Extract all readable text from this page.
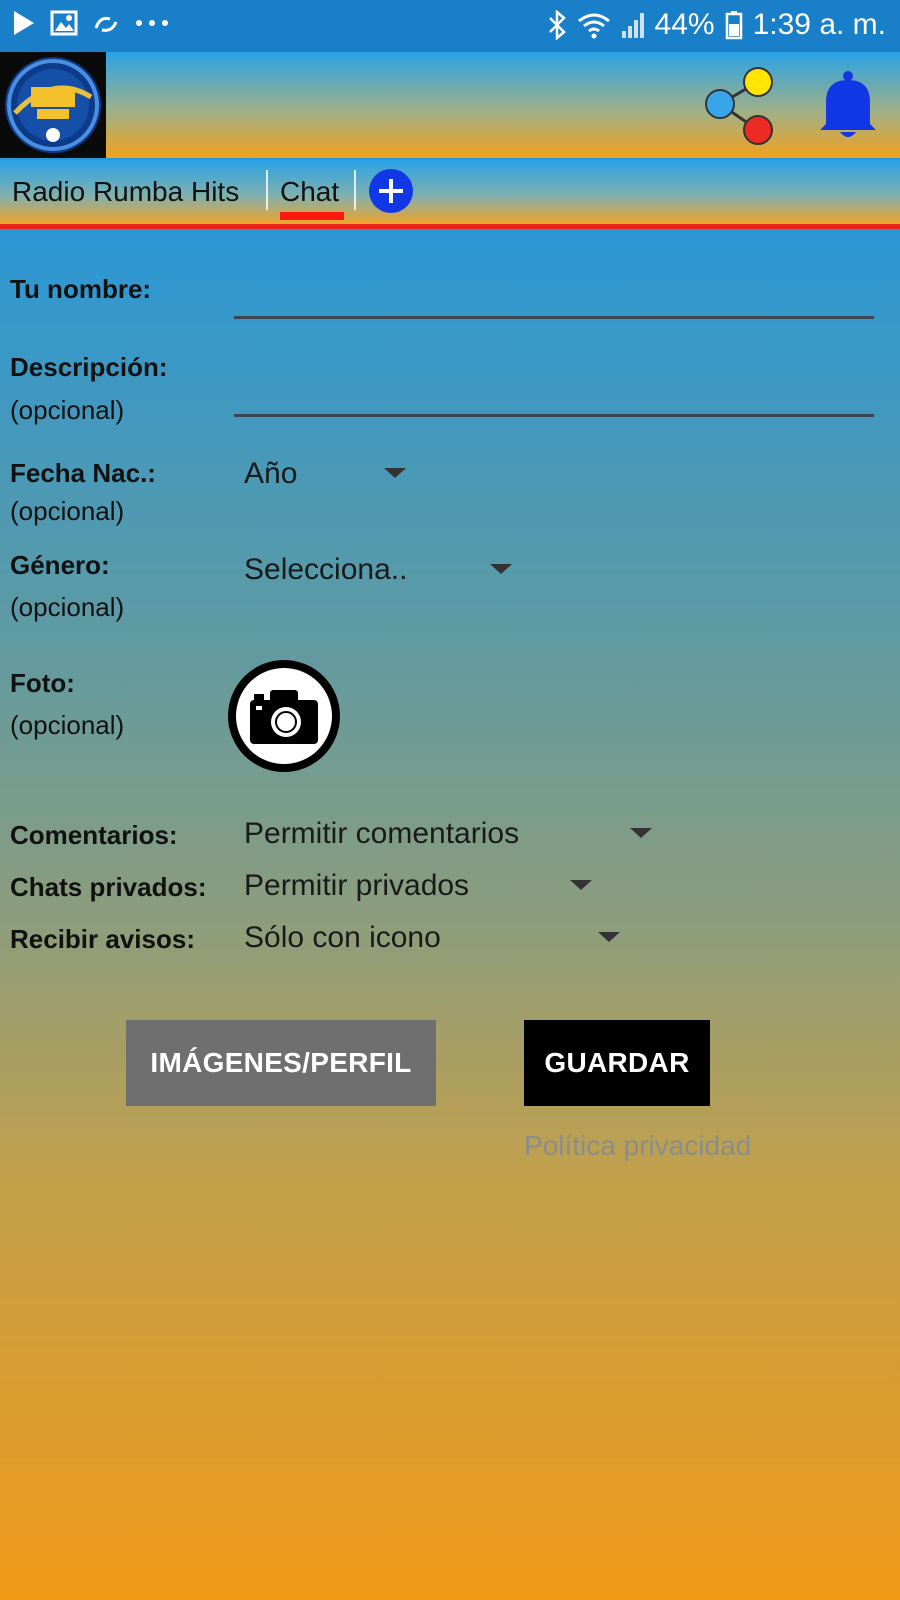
44% 1:39 a. m.
Radio Rumba Hits Chat
Tu nombre:
Descripción:
(opcional)
Fecha Nac.:
(opcional)
Año
Género:
(opcional)
Selecciona..
Foto:
(opcional)
Comentarios: Permitir comentarios
Chats privados: Permitir privados
Recibir avisos: Sólo con icono
IMÁGENES/PERFIL	GUARDAR
Política privacidad
